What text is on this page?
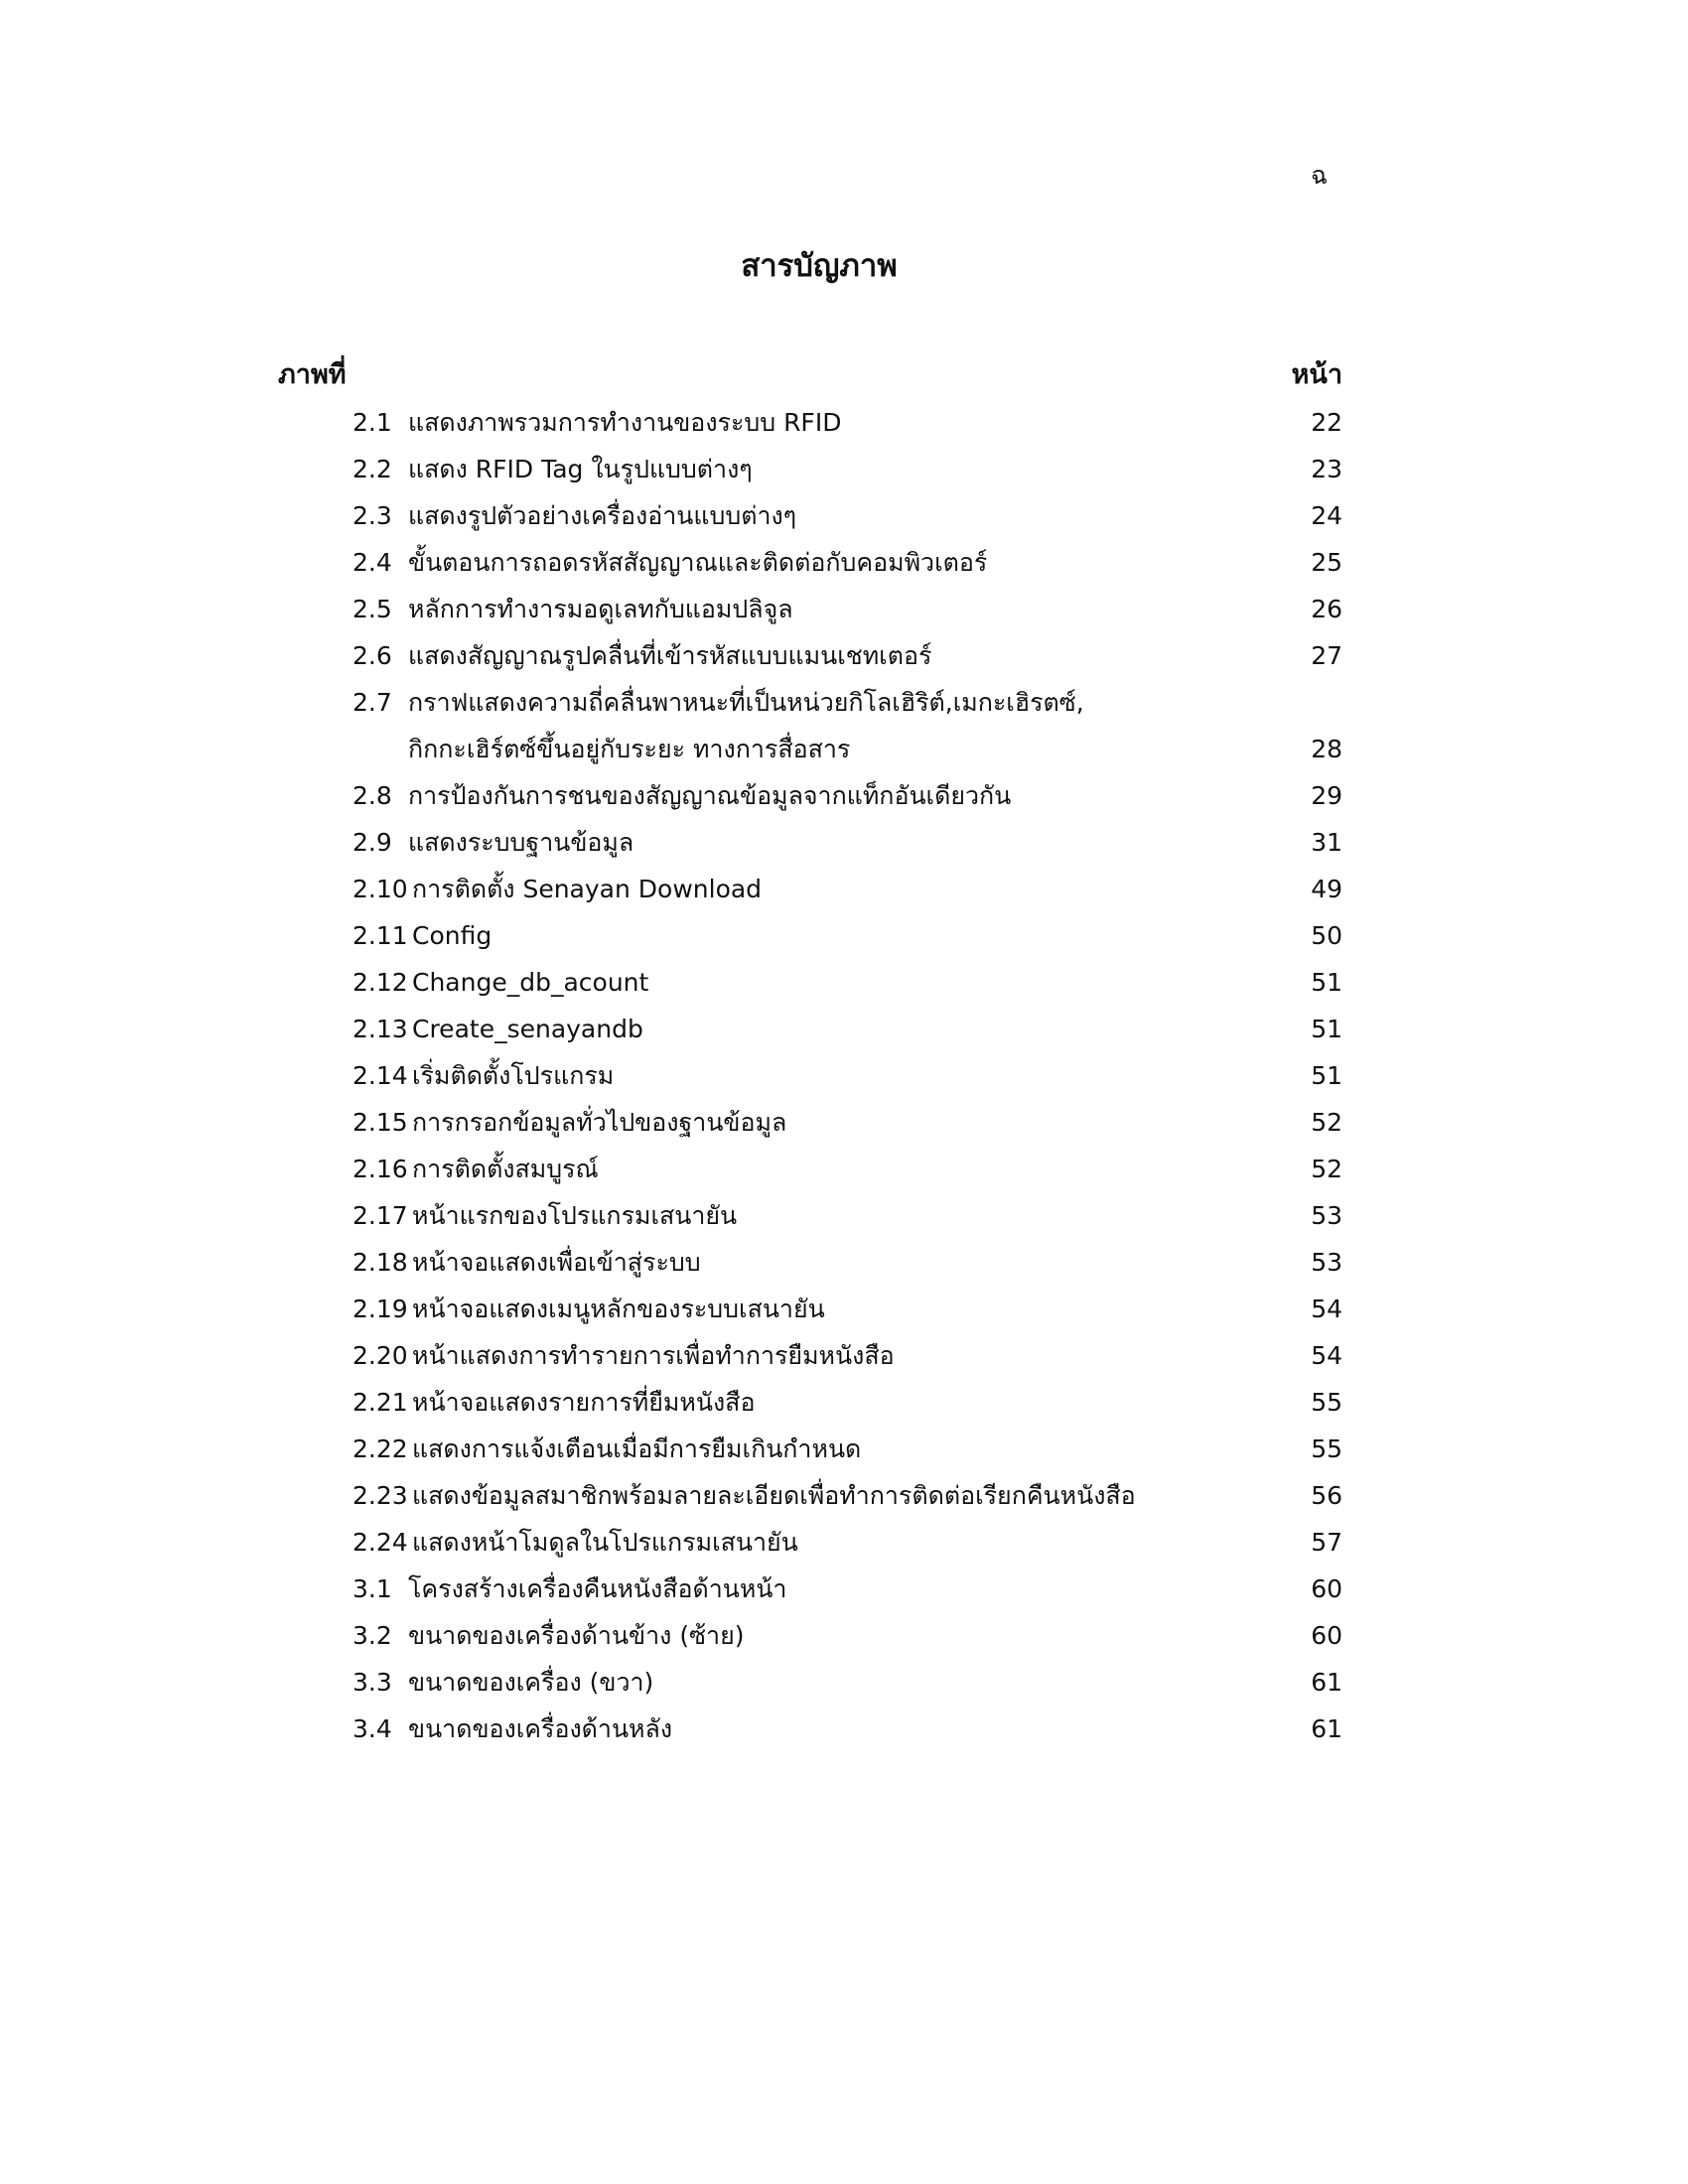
ฉ
สารบัญภาพ
ภาพที่	หน้า
2.1 แสดงภาพรวมการทำงานของระบบ RFID	22
2.2 แสดง RFID Tag ในรูปแบบต่างๆ	23
2.3 แสดงรูปตัวอย่างเครื่องอ่านแบบต่างๆ	24
2.4 ขั้นตอนการถอดรหัสสัญญาณและติดต่อกับคอมพิวเตอร์	25
2.5 หลักการทำงารมอดูเลทกับแอมปลิจูล	26
2.6 แสดงสัญญาณรูปคลื่นที่เข้ารหัสแบบแมนเชทเตอร์	27
2.7 กราฟแสดงความถี่คลื่นพาหนะที่เป็นหน่วยกิโลเฮิริต์,เมกะเฮิรตซ์,
กิกกะเฮิร์ตซ์ขึ้นอยู่กับระยะ ทางการสื่อสาร	28
2.8 การป้องกันการชนของสัญญาณข้อมูลจากแท็กอันเดียวกัน	29
2.9 แสดงระบบฐานข้อมูล	31
2.10 การติดตั้ง Senayan Download	49
2.11 Config	50
2.12 Change_db_acount	51
2.13 Create_senayandb	51
2.14 เริ่มติดตั้งโปรแกรม	51
2.15 การกรอกข้อมูลทั่วไปของฐานข้อมูล	52
2.16 การติดตั้งสมบูรณ์	52
2.17 หน้าแรกของโปรแกรมเสนายัน	53
2.18 หน้าจอแสดงเพื่อเข้าสู่ระบบ	53
2.19 หน้าจอแสดงเมนูหลักของระบบเสนายัน	54
2.20 หน้าแสดงการทำรายการเพื่อทำการยืมหนังสือ	54
2.21 หน้าจอแสดงรายการที่ยืมหนังสือ	55
2.22 แสดงการแจ้งเตือนเมื่อมีการยืมเกินกำหนด	55
2.23 แสดงข้อมูลสมาชิกพร้อมลายละเอียดเพื่อทำการติดต่อเรียกคืนหนังสือ	56
2.24 แสดงหน้าโมดูลในโปรแกรมเสนายัน	57
3.1 โครงสร้างเครื่องคืนหนังสือด้านหน้า	60
3.2 ขนาดของเครื่องด้านข้าง (ซ้าย)	60
3.3 ขนาดของเครื่อง (ขวา)	61
3.4 ขนาดของเครื่องด้านหลัง	61
